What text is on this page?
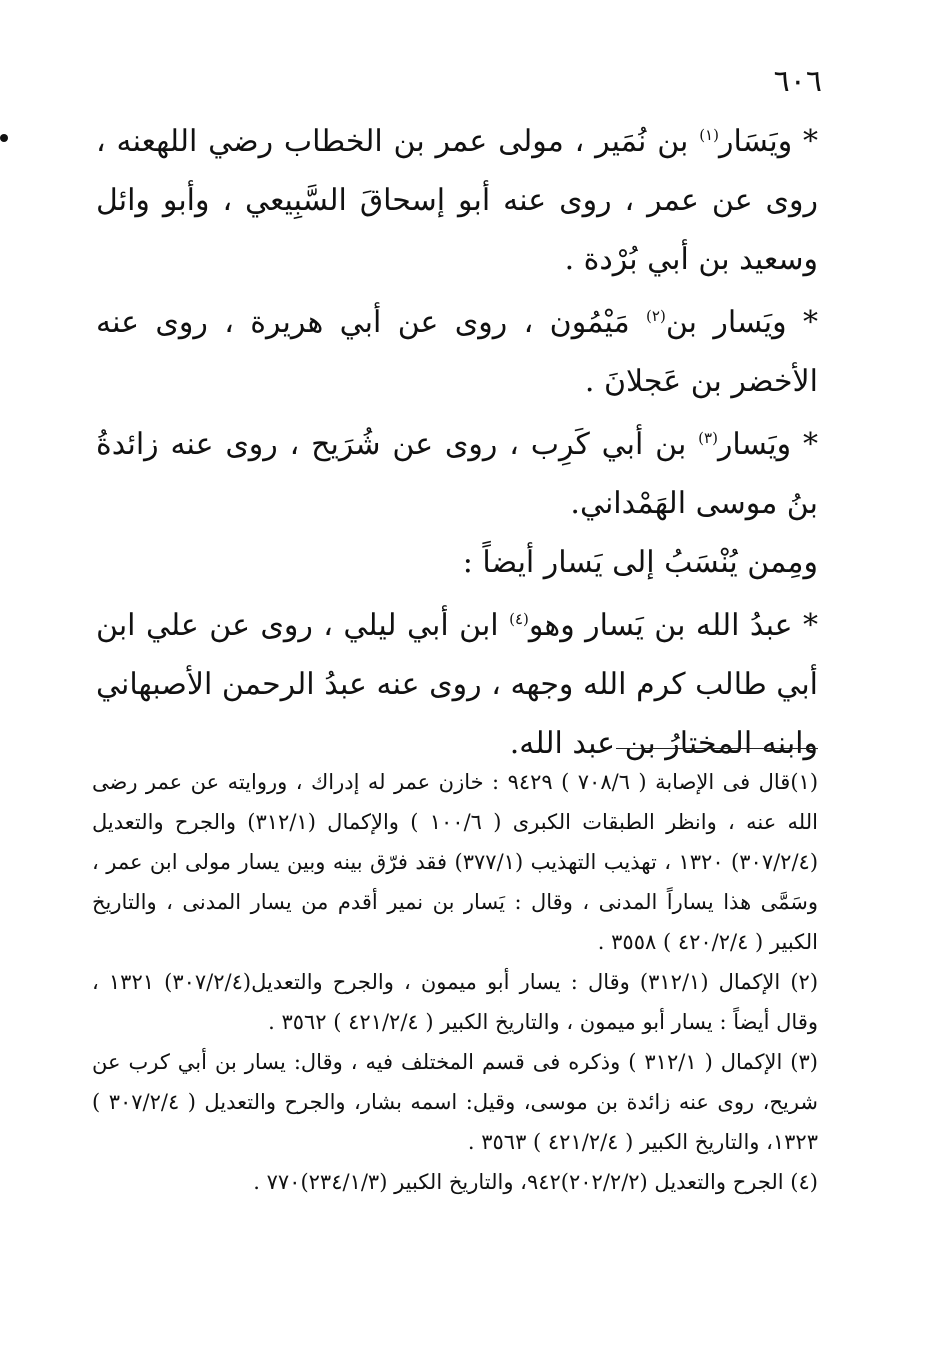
٦٠٦

* ويَسَار$^{(١)}$ بن نُمَير ، مولى عمر بن الخطاب رضي اللهعنه ، روى عن عمر ، روى عنه أبو إسحاقَ السَّبِيعي ، وأبو وائل وسعيد بن أبي بُرْدة .

* ويَسار بن$^{(٢)}$ مَيْمُون ، روى عن أبي هريرة ، روى عنه الأخضر بن عَجلانَ .

* ويَسار$^{(٣)}$ بن أبي كَرِب ، روى عن شُرَيح ، روى عنه زائدةُ بنُ موسى الهَمْداني.

ومِمن يُنْسَبُ إلى يَسار أيضاً :

* عبدُ الله بن يَسار وهو$^{(٤)}$ ابن أبي ليلي ، روى عن علي ابن أبي طالب كرم الله وجهه ، روى عنه عبدُ الرحمن الأصبهاني وابنه المختارُ بن عبد الله.

(١)قال فى الإصابة ( ٧٠٨/٦ ) ٩٤٢٩ : خازن عمر له إدراك ، وروايته عن عمر رضى الله عنه ، وانظر الطبقات الكبرى ( ١٠٠/٦ ) والإكمال (٣١٢/١) والجرح والتعديل (٣٠٧/٢/٤) ١٣٢٠ ، تهذيب التهذيب (٣٧٧/١) فقد فرّق بينه وبين يسار مولى ابن عمر ، وسَمَّى هذا يساراً المدنى ، وقال : يَسار بن نمير أقدم من يسار المدنى ، والتاريخ الكبير ( ٤٢٠/٢/٤ ) ٣٥٥٨ .

(٢) الإكمال (٣١٢/١) وقال : يسار أبو ميمون ، والجرح والتعديل(٣٠٧/٢/٤) ١٣٢١ ، وقال أيضاً : يسار أبو ميمون ، والتاريخ الكبير ( ٤٢١/٢/٤ ) ٣٥٦٢ .

(٣) الإكمال ( ٣١٢/١ ) وذكره فى قسم المختلف فيه ، وقال: يسار بن أبي كرب عن شريح، روى عنه زائدة بن موسى، وقيل: اسمه بشار، والجرح والتعديل ( ٣٠٧/٢/٤ ) ١٣٢٣، والتاريخ الكبير ( ٤٢١/٢/٤ ) ٣٥٦٣ .

(٤) الجرح والتعديل (٢٠٢/٢/٢)٩٤٢، والتاريخ الكبير (٢٣٤/١/٣)٧٧٠ .
